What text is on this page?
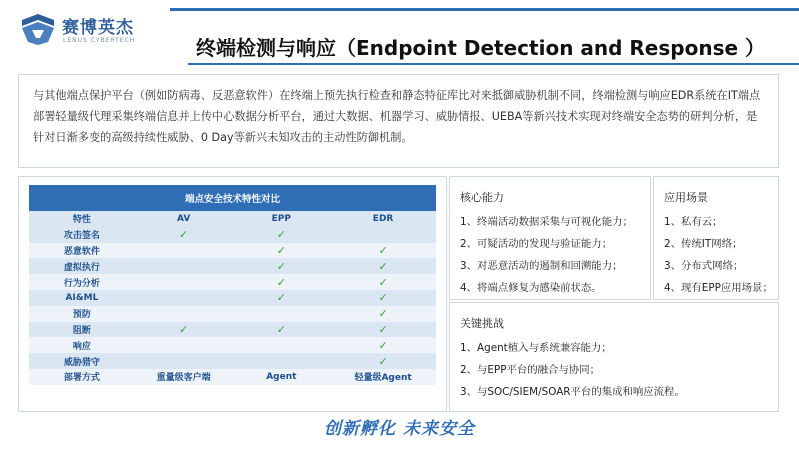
赛博英杰
LENUS CYBERTECH	终端检测与响应（Endpoint Detection and Response ）
与其他端点保护平台（例如防病毒、反恶意软件）在终端上预先执行检查和静态特征库比对来抵御威胁机制不同，终端检测与响应EDR系统在IT端点部署轻量级代理采集终端信息并上传中心数据分析平台，通过大数据、机器学习、威胁情报、UEBA等新兴技术实现对终端安全态势的研判分析，是针对日渐多变的高级持续性威胁、0 Day等新兴未知攻击的主动性防御机制。
端点安全技术特性对比			
特性	AV	EPP	EDR
攻击签名	✓	✓	
恶意软件		✓	✓
虚拟执行		✓	✓
行为分析		✓	✓
AI&ML		✓	✓
预防			✓
阻断	✓	✓	✓
响应			✓
威胁猎守			✓
部署方式	重量级客户端	Agent	轻量级Agent
核心能力
1、终端活动数据采集与可视化能力；
2、可疑活动的发现与验证能力；
3、对恶意活动的遏制和回溯能力；
4、将端点修复为感染前状态。
应用场景
1、私有云；
2、传统IT网络；
3、分布式网络；
4、现有EPP应用场景；
关键挑战
1、Agent植入与系统兼容能力；
2、与EPP平台的融合与协同；
3、与SOC/SIEM/SOAR平台的集成和响应流程。
创新孵化 未来安全
